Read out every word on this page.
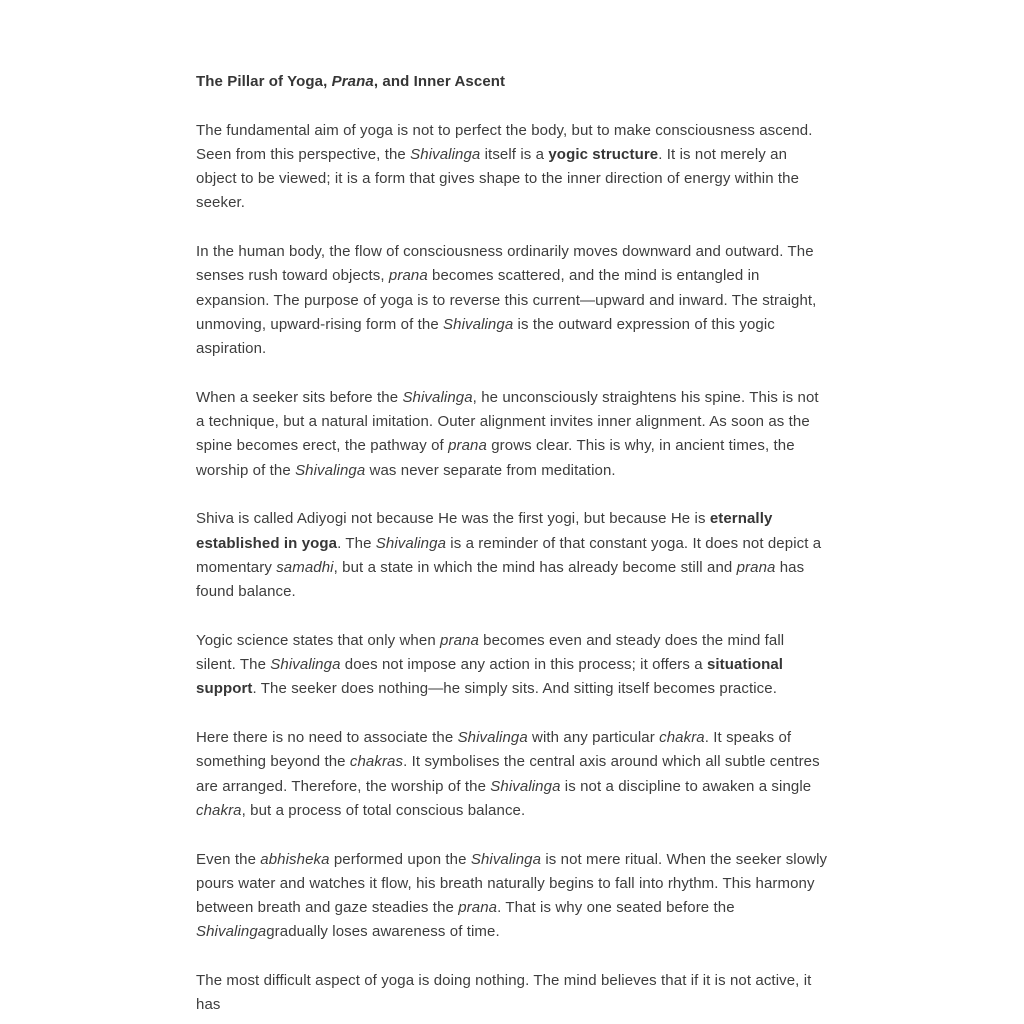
The Pillar of Yoga, Prana, and Inner Ascent

The fundamental aim of yoga is not to perfect the body, but to make consciousness ascend. Seen from this perspective, the Shivalinga itself is a yogic structure. It is not merely an object to be viewed; it is a form that gives shape to the inner direction of energy within the seeker.

In the human body, the flow of consciousness ordinarily moves downward and outward. The senses rush toward objects, prana becomes scattered, and the mind is entangled in expansion. The purpose of yoga is to reverse this current—upward and inward. The straight, unmoving, upward-rising form of the Shivalinga is the outward expression of this yogic aspiration.

When a seeker sits before the Shivalinga, he unconsciously straightens his spine. This is not a technique, but a natural imitation. Outer alignment invites inner alignment. As soon as the spine becomes erect, the pathway of prana grows clear. This is why, in ancient times, the worship of the Shivalinga was never separate from meditation.

Shiva is called Adiyogi not because He was the first yogi, but because He is eternally established in yoga. The Shivalinga is a reminder of that constant yoga. It does not depict a momentary samadhi, but a state in which the mind has already become still and prana has found balance.

Yogic science states that only when prana becomes even and steady does the mind fall silent. The Shivalinga does not impose any action in this process; it offers a situational support. The seeker does nothing—he simply sits. And sitting itself becomes practice.

Here there is no need to associate the Shivalinga with any particular chakra. It speaks of something beyond the chakras. It symbolises the central axis around which all subtle centres are arranged. Therefore, the worship of the Shivalinga is not a discipline to awaken a single chakra, but a process of total conscious balance.

Even the abhisheka performed upon the Shivalinga is not mere ritual. When the seeker slowly pours water and watches it flow, his breath naturally begins to fall into rhythm. This harmony between breath and gaze steadies the prana. That is why one seated before the Shivalingagradually loses awareness of time.

The most difficult aspect of yoga is doing nothing. The mind believes that if it is not active, it has
